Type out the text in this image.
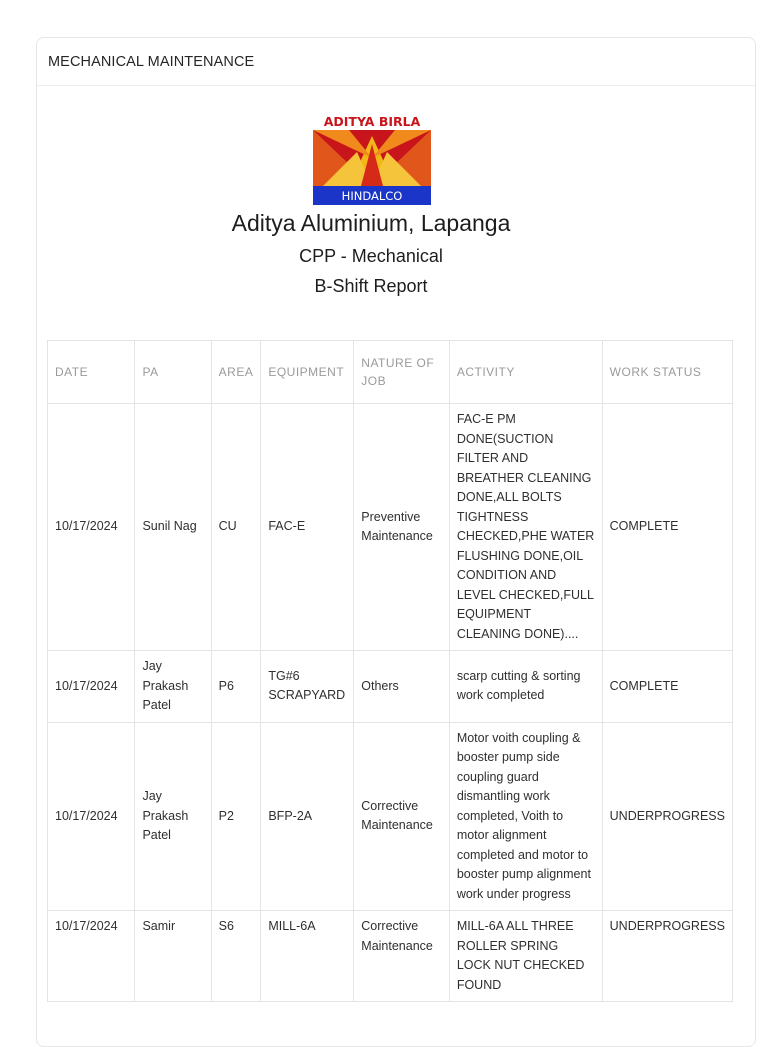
MECHANICAL MAINTENANCE
ADITYA BIRLA
HINDALCO
Aditya Aluminium, Lapanga
CPP - Mechanical
B-Shift Report
DATE	PA	AREA	EQUIPMENT	NATURE OF JOB	ACTIVITY	WORK STATUS
10/17/2024	Sunil Nag	CU	FAC-E	Preventive Maintenance	FAC-E PM DONE(SUCTION FILTER AND BREATHER CLEANING DONE,ALL BOLTS TIGHTNESS CHECKED,PHE WATER FLUSHING DONE,OIL CONDITION AND LEVEL CHECKED,FULL EQUIPMENT CLEANING DONE)....	COMPLETE
10/17/2024	Jay Prakash Patel	P6	TG#6 SCRAPYARD	Others	scarp cutting & sorting work completed	COMPLETE
10/17/2024	Jay Prakash Patel	P2	BFP-2A	Corrective Maintenance	Motor voith coupling & booster pump side coupling guard dismantling work completed, Voith to motor alignment completed and motor to booster pump alignment work under progress	UNDERPROGRESS
10/17/2024	Samir	S6	MILL-6A	Corrective Maintenance	MILL-6A ALL THREE ROLLER SPRING LOCK NUT CHECKED FOUND	UNDERPROGRESS
